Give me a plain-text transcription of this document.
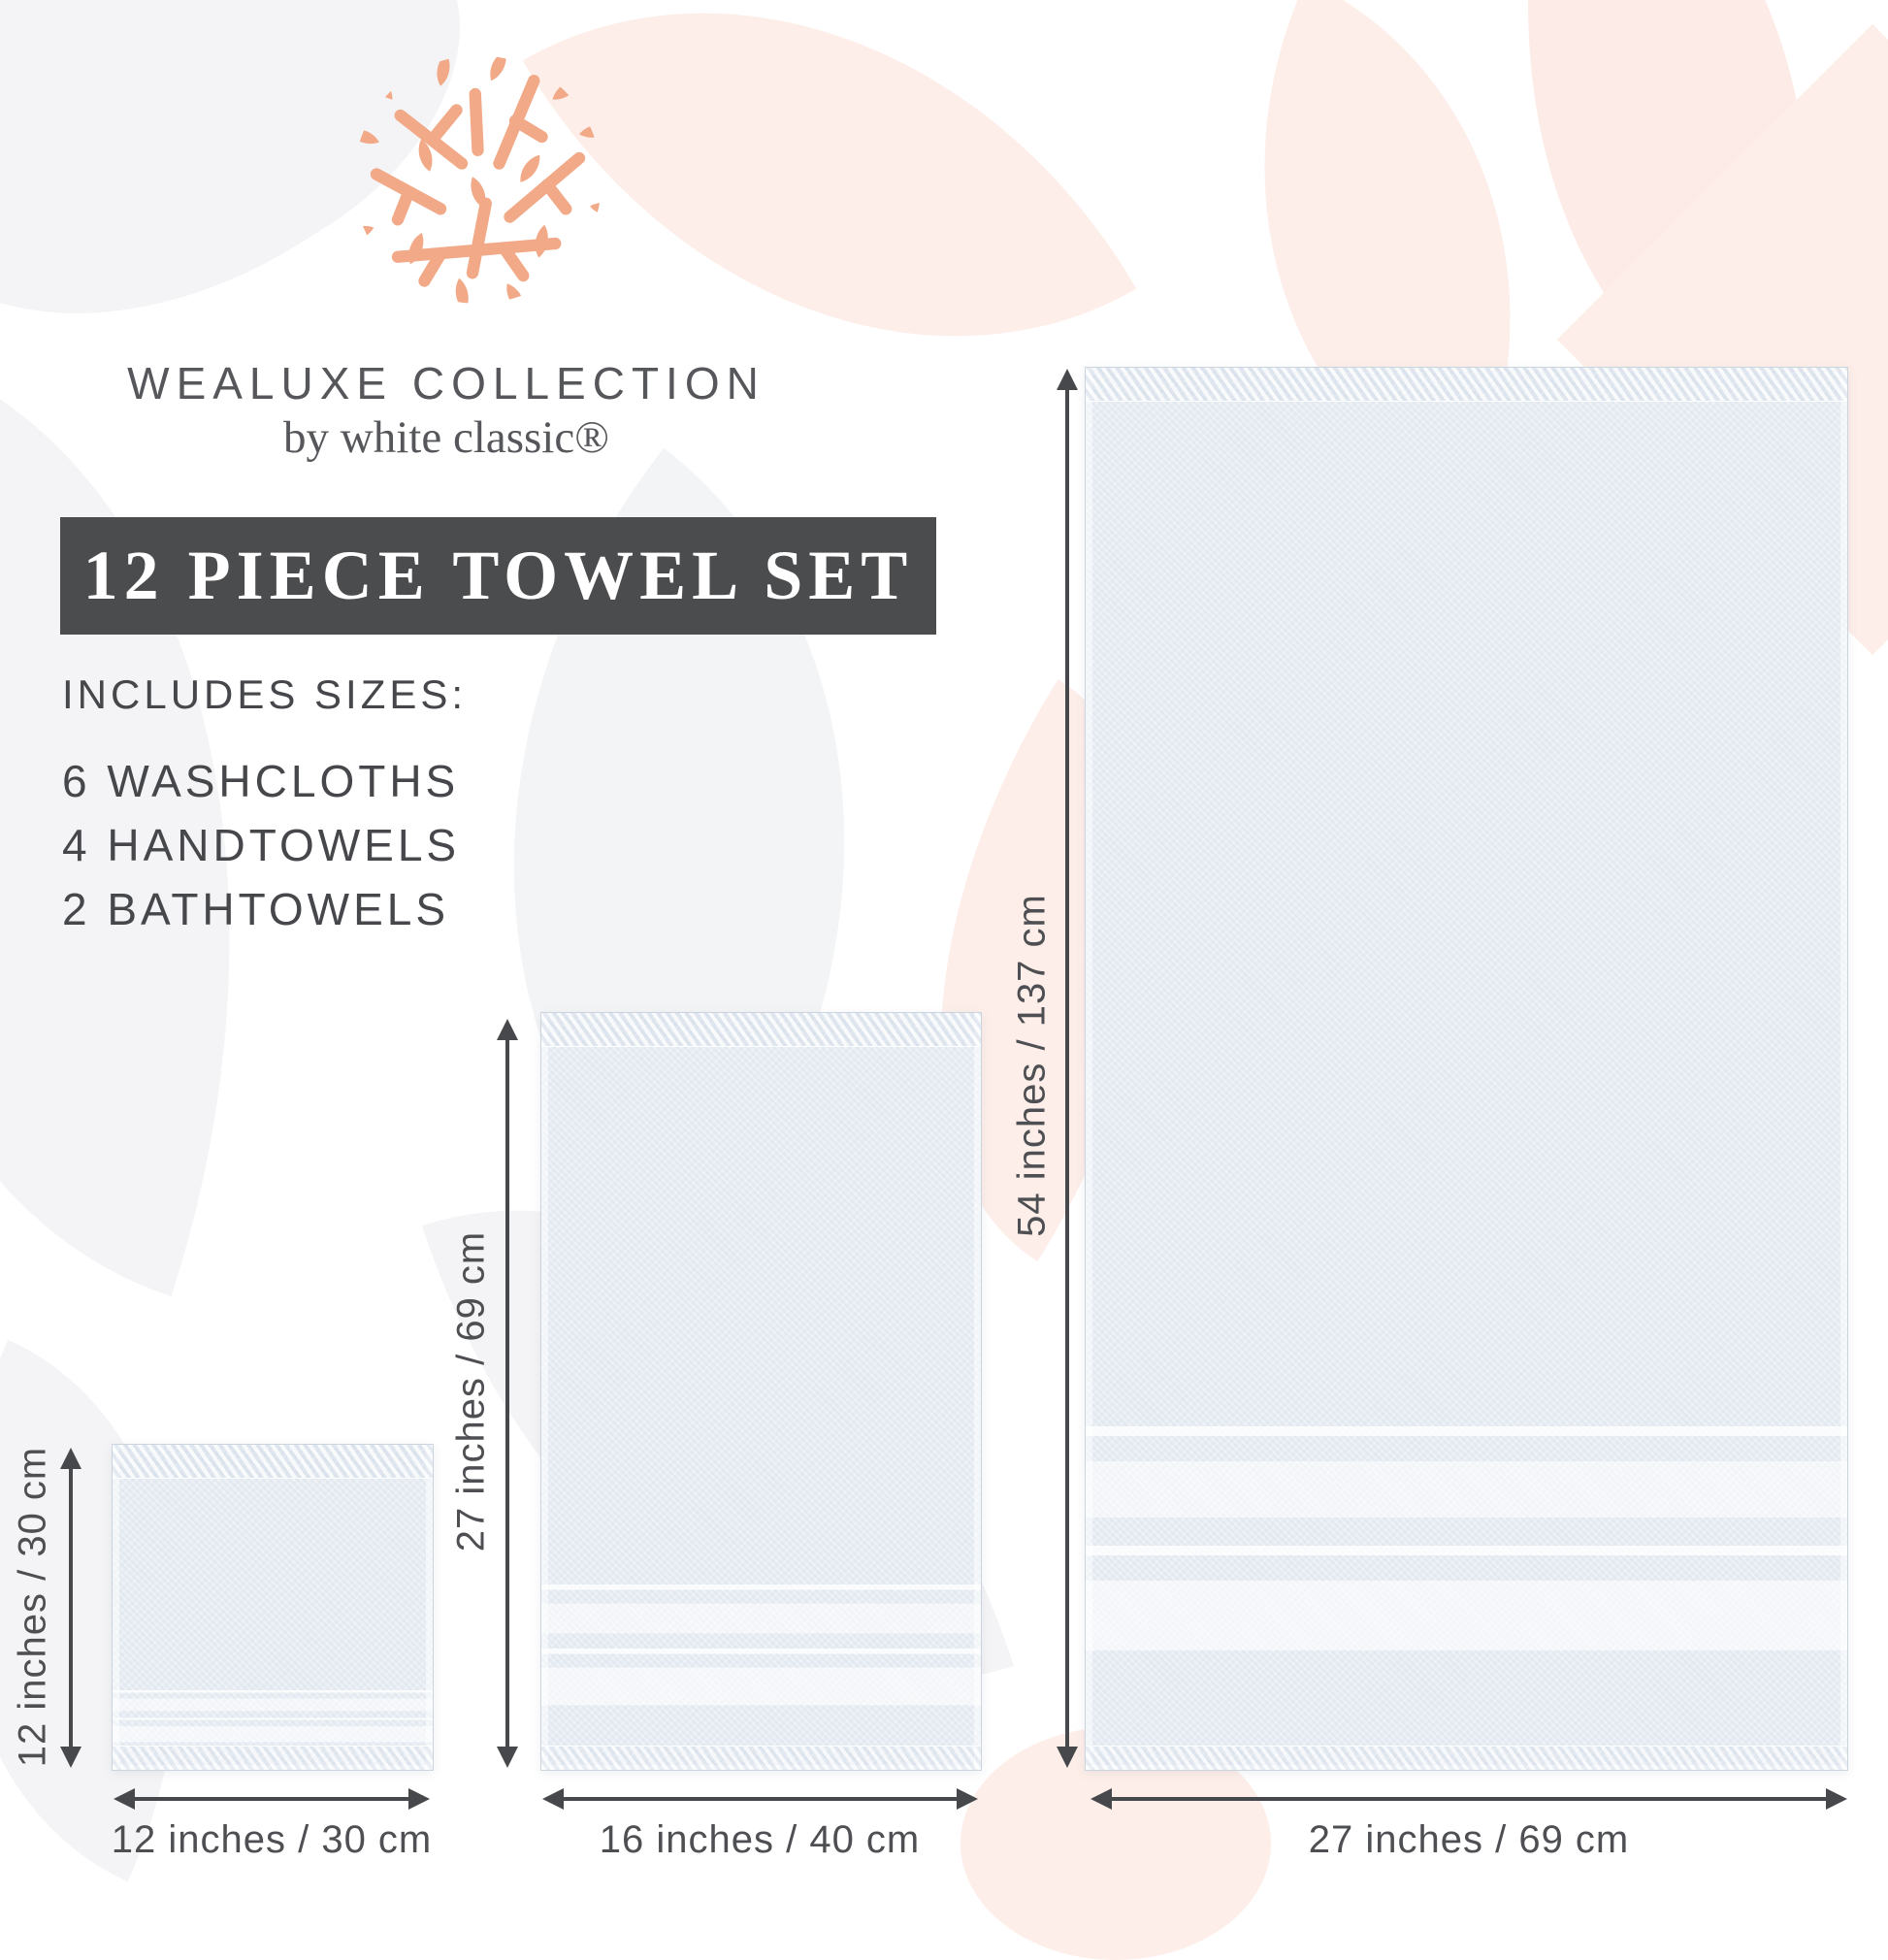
WEALUXE COLLECTION
by white classic®
12 PIECE TOWEL SET
INCLUDES SIZES:
6 WASHCLOTHS
4 HANDTOWELS
2 BATHTOWELS
12 inches / 30 cm
12 inches / 30 cm
27 inches / 69 cm
16 inches / 40 cm
54 inches / 137 cm
27 inches / 69 cm
